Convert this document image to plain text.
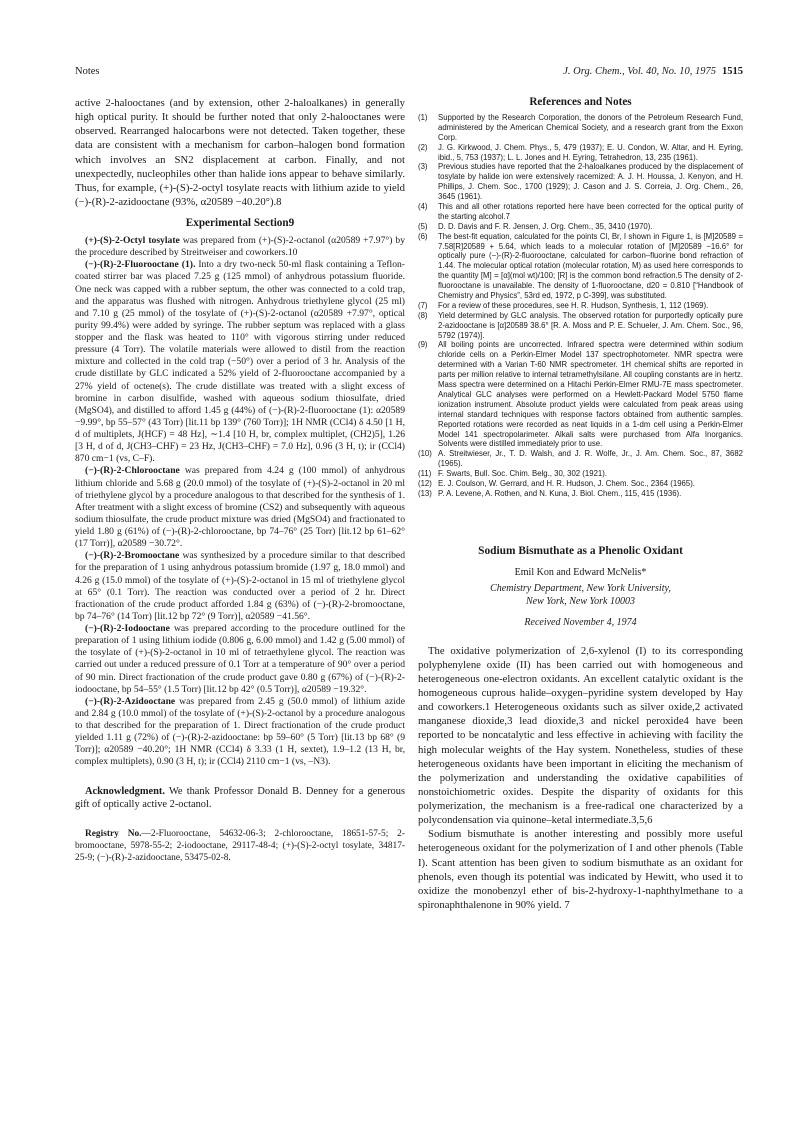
Notes	J. Org. Chem., Vol. 40, No. 10, 1975 1515

active 2-halooctanes (and by extension, other 2-haloalkanes) in generally high optical purity. It should be further noted that only 2-halooctanes were observed. Rearranged halocarbons were not detected. Taken together, these data are consistent with a mechanism for carbon–halogen bond formation which involves an SN2 displacement at carbon. Finally, and not unexpectedly, nucleophiles other than halide ions appear to behave similarly. Thus, for example, (+)-(S)-2-octyl tosylate reacts with lithium azide to yield (−)-(R)-2-azidooctane (93%, α20589 −40.20°).8

Experimental Section9

(+)-(S)-2-Octyl tosylate was prepared from (+)-(S)-2-octanol (α20589 +7.97°) by the procedure described by Streitweiser and coworkers.10

(−)-(R)-2-Fluorooctane (1). Into a dry two-neck 50-ml flask containing a Teflon-coated stirrer bar was placed 7.25 g (125 mmol) of anhydrous potassium fluoride. One neck was capped with a rubber septum, the other was connected to a cold trap, and the apparatus was flushed with nitrogen. Anhydrous triethylene glycol (25 ml) and 7.10 g (25 mmol) of the tosylate of (+)-(S)-2-octanol (α20589 +7.97°, optical purity 99.4%) were added by syringe. The rubber septum was replaced with a glass stopper and the flask was heated to 110° with vigorous stirring under reduced pressure (4 Torr). The volatile materials were allowed to distil from the reaction mixture and collected in the cold trap (−50°) over a period of 3 hr. Analysis of the crude distillate by GLC indicated a 52% yield of 2-fluorooctane accompanied by a 27% yield of octene(s). The crude distillate was treated with a slight excess of bromine in carbon disulfide, washed with aqueous sodium thiosulfate, dried (MgSO4), and distilled to afford 1.45 g (44%) of (−)-(R)-2-fluorooctane (1): α20589 −9.99°, bp 55–57° (43 Torr) [lit.11 bp 139° (760 Torr)]; 1H NMR (CCl4) δ 4.50 [1 H, d of multiplets, J(HCF) = 48 Hz], ∼1.4 [10 H, br, complex multiplet, (CH2)5], 1.26 [3 H, d of d, J(CH3–CHF) = 23 Hz, J(CH3–CHF) = 7.0 Hz], 0.96 (3 H, t); ir (CCl4) 870 cm−1 (vs, C–F).

(−)-(R)-2-Chlorooctane was prepared from 4.24 g (100 mmol) of anhydrous lithium chloride and 5.68 g (20.0 mmol) of the tosylate of (+)-(S)-2-octanol in 20 ml of triethylene glycol by a procedure analogous to that described for the synthesis of 1. After treatment with a slight excess of bromine (CS2) and subsequently with aqueous sodium thiosulfate, the crude product mixture was dried (MgSO4) and fractionated to yield 1.80 g (61%) of (−)-(R)-2-chlorooctane, bp 74–76° (25 Torr) [lit.12 bp 61–62° (17 Torr)], α20589 −30.72°.

(−)-(R)-2-Bromooctane was synthesized by a procedure similar to that described for the preparation of 1 using anhydrous potassium bromide (1.97 g, 18.0 mmol) and 4.26 g (15.0 mmol) of the tosylate of (+)-(S)-2-octanol in 15 ml of triethylene glycol at 65° (0.1 Torr). The reaction was conducted over a period of 2 hr. Direct fractionation of the crude product afforded 1.84 g (63%) of (−)-(R)-2-bromooctane, bp 74–76° (14 Torr) [lit.12 bp 72° (9 Torr)], α20589 −41.56°.

(−)-(R)-2-Iodooctane was prepared according to the procedure outlined for the preparation of 1 using lithium iodide (0.806 g, 6.00 mmol) and 1.42 g (5.00 mmol) of the tosylate of (+)-(S)-2-octanol in 10 ml of tetraethylene glycol. The reaction was carried out under a reduced pressure of 0.1 Torr at a temperature of 90° over a period of 90 min. Direct fractionation of the crude product gave 0.80 g (67%) of (−)-(R)-2-iodooctane, bp 54–55° (1.5 Torr) [lit.12 bp 42° (0.5 Torr)], α20589 −19.32°.

(−)-(R)-2-Azidooctane was prepared from 2.45 g (50.0 mmol) of lithium azide and 2.84 g (10.0 mmol) of the tosylate of (+)-(S)-2-octanol by a procedure analogous to that described for the preparation of 1. Direct fractionation of the crude product yielded 1.11 g (72%) of (−)-(R)-2-azidooctane: bp 59–60° (5 Torr) [lit.13 bp 68° (9 Torr)]; α20589 −40.20°; 1H NMR (CCl4) δ 3.33 (1 H, sextet), 1.9–1.2 (13 H, br, complex multiplets), 0.90 (3 H, t); ir (CCl4) 2110 cm−1 (vs, –N3).

Acknowledgment. We thank Professor Donald B. Denney for a generous gift of optically active 2-octanol.

Registry No.—2-Fluorooctane, 54632-06-3; 2-chlorooctane, 18651-57-5; 2-bromooctane, 5978-55-2; 2-iodooctane, 29117-48-4; (+)-(S)-2-octyl tosylate, 34817-25-9; (−)-(R)-2-azidooctane, 53475-02-8.

References and Notes
(1)	Supported by the Research Corporation, the donors of the Petroleum Research Fund, administered by the American Chemical Society, and a research grant from the Exxon Corp.
(2)	J. G. Kirkwood, J. Chem. Phys., 5, 479 (1937); E. U. Condon, W. Altar, and H. Eyring, ibid., 5, 753 (1937); L. L. Jones and H. Eyring, Tetrahedron, 13, 235 (1961).
(3)	Previous studies have reported that the 2-haloalkanes produced by the displacement of tosylate by halide ion were extensively racemized: A. J. H. Houssa, J. Kenyon, and H. Phillips, J. Chem. Soc., 1700 (1929); J. Cason and J. S. Correia, J. Org. Chem., 26, 3645 (1961).
(4)	This and all other rotations reported here have been corrected for the optical purity of the starting alcohol.7
(5)	D. D. Davis and F. R. Jensen, J. Org. Chem., 35, 3410 (1970).
(6)	The best-fit equation, calculated for the points Cl, Br, I shown in Figure 1, is [M]20589 = 7.58[R]20589 + 5.64, which leads to a molecular rotation of [M]20589 −16.6° for optically pure (−)-(R)-2-fluorooctane, calculated for carbon–fluorine bond refraction of 1.44. The molecular optical rotation (molecular rotation, M) as used here corresponds to the quantity [M] = [α](mol wt)/100; [R] is the common bond refraction.5 The density of 2-fluorooctane is unavailable. The density of 1-fluorooctane, d20 = 0.810 [“Handbook of Chemistry and Physics”, 53rd ed, 1972, p C-399], was substituted.
(7)	For a review of these procedures, see H. R. Hudson, Synthesis, 1, 112 (1969).
(8)	Yield determined by GLC analysis. The observed rotation for purportedly optically pure 2-azidooctane is [α]20589 38.6° [R. A. Moss and P. E. Schueler, J. Am. Chem. Soc., 96, 5792 (1974)].
(9)	All boiling points are uncorrected. Infrared spectra were determined within sodium chloride cells on a Perkin-Elmer Model 137 spectrophotometer. NMR spectra were determined with a Varian T-60 NMR spectrometer. 1H chemical shifts are reported in parts per million relative to internal tetramethylsilane. All coupling constants are in hertz. Mass spectra were determined on a Hitachi Perkin-Elmer RMU-7E mass spectrometer. Analytical GLC analyses were performed on a Hewlett-Packard Model 5750 flame ionization instrument. Absolute product yields were calculated from peak areas using internal standard techniques with response factors obtained from authentic samples. Reported rotations were recorded as neat liquids in a 1-dm cell using a Perkin-Elmer Model 141 spectropolarimeter. Alkali salts were purchased from Alfa Inorganics. Solvents were distilled immediately prior to use.
(10) A. Streitwieser, Jr., T. D. Walsh, and J. R. Wolfe, Jr., J. Am. Chem. Soc., 87, 3682 (1965).
(11) F. Swarts, Bull. Soc. Chim. Belg., 30, 302 (1921).
(12) E. J. Coulson, W. Gerrard, and H. R. Hudson, J. Chem. Soc., 2364 (1965).
(13) P. A. Levene, A. Rothen, and N. Kuna, J. Biol. Chem., 115, 415 (1936).
Sodium Bismuthate as a Phenolic Oxidant
Emil Kon and Edward McNelis*
Chemistry Department, New York University,
New York, New York 10003
Received November 4, 1974

The oxidative polymerization of 2,6-xylenol (I) to its corresponding polyphenylene oxide (II) has been carried out with homogeneous and heterogeneous one-electron oxidants. An excellent catalytic oxidant is the homogeneous cuprous halide–oxygen–pyridine system developed by Hay and coworkers.1 Heterogeneous oxidants such as silver oxide,2 activated manganese dioxide,3 lead dioxide,3 and nickel peroxide4 have been reported to be noncatalytic and less effective in achieving with facility the high molecular weights of the Hay system. Nonetheless, studies of these heterogeneous oxidants have been important in eliciting the mechanism of the polymerization and understanding the oxidative capabilities of nonstoichiometric oxides. Despite the disparity of oxidants for this polymerization, the mechanism is a free-radical one characterized by a polycondensation via quinone–ketal intermediate.3,5,6

Sodium bismuthate is another interesting and possibly more useful heterogeneous oxidant for the polymerization of I and other phenols (Table I). Scant attention has been given to sodium bismuthate as an oxidant for phenols, even though its potential was indicated by Hewitt, who used it to oxidize the monobenzyl ether of bis-2-hydroxy-1-naphthylmethane to a spironaphthalenone in 90% yield. 7
